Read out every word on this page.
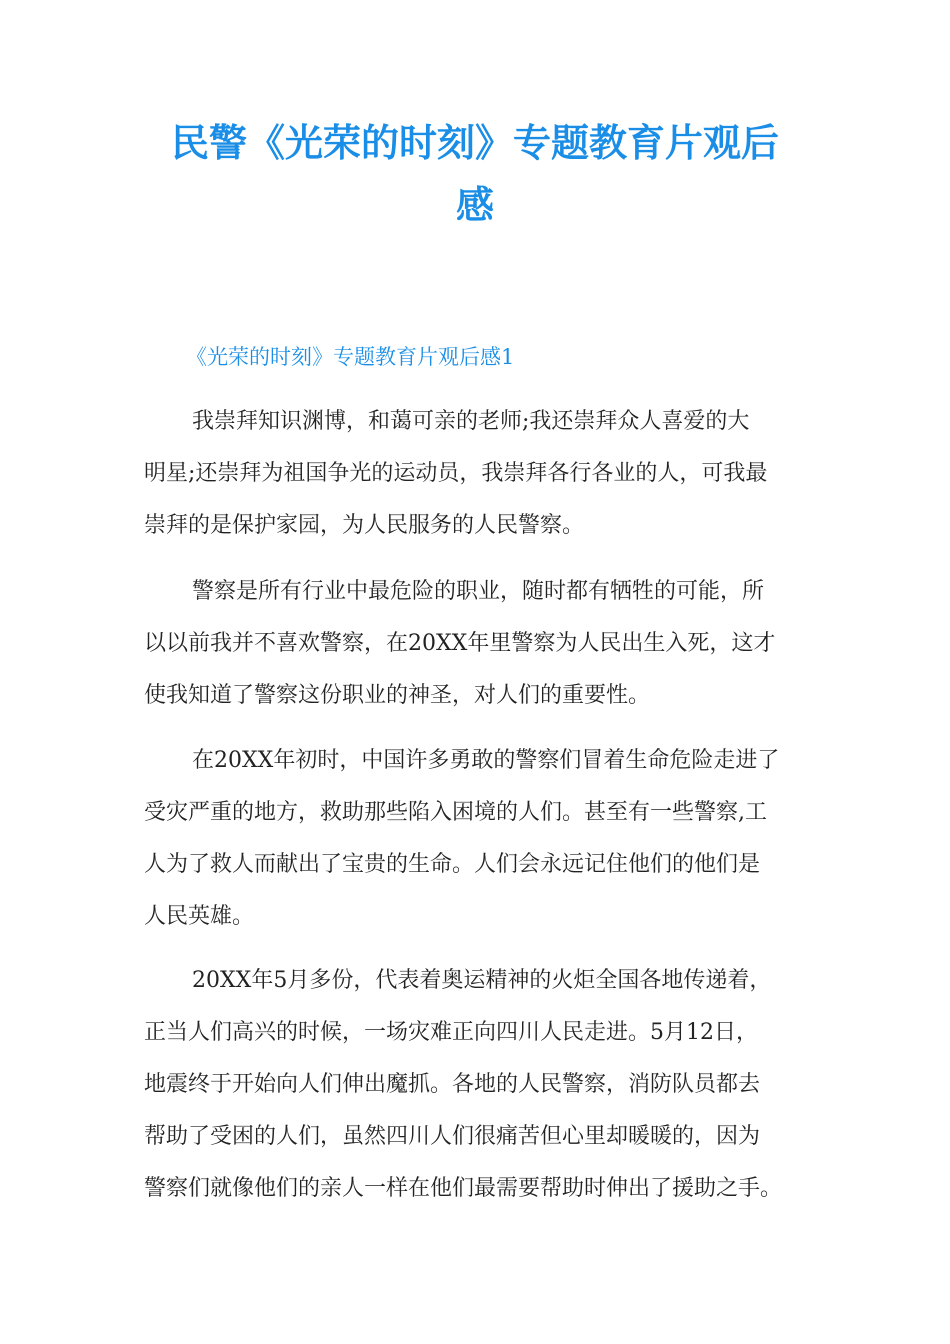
民警《光荣的时刻》专题教育片观后
感

《光荣的时刻》专题教育片观后感1

我崇拜知识渊博，和蔼可亲的老师;我还崇拜众人喜爱的大
明星;还崇拜为祖国争光的运动员，我崇拜各行各业的人，可我最
崇拜的是保护家园，为人民服务的人民警察。
警察是所有行业中最危险的职业，随时都有牺牲的可能，所
以以前我并不喜欢警察，在20XX年里警察为人民出生入死，这才
使我知道了警察这份职业的神圣，对人们的重要性。
在20XX年初时，中国许多勇敢的警察们冒着生命危险走进了
受灾严重的地方，救助那些陷入困境的人们。甚至有一些警察,工
人为了救人而献出了宝贵的生命。人们会永远记住他们的他们是
人民英雄。
20XX年5月多份，代表着奥运精神的火炬全国各地传递着，
正当人们高兴的时候，一场灾难正向四川人民走进。5月12日，
地震终于开始向人们伸出魔抓。各地的人民警察，消防队员都去
帮助了受困的人们，虽然四川人们很痛苦但心里却暖暖的，因为
警察们就像他们的亲人一样在他们最需要帮助时伸出了援助之手。
